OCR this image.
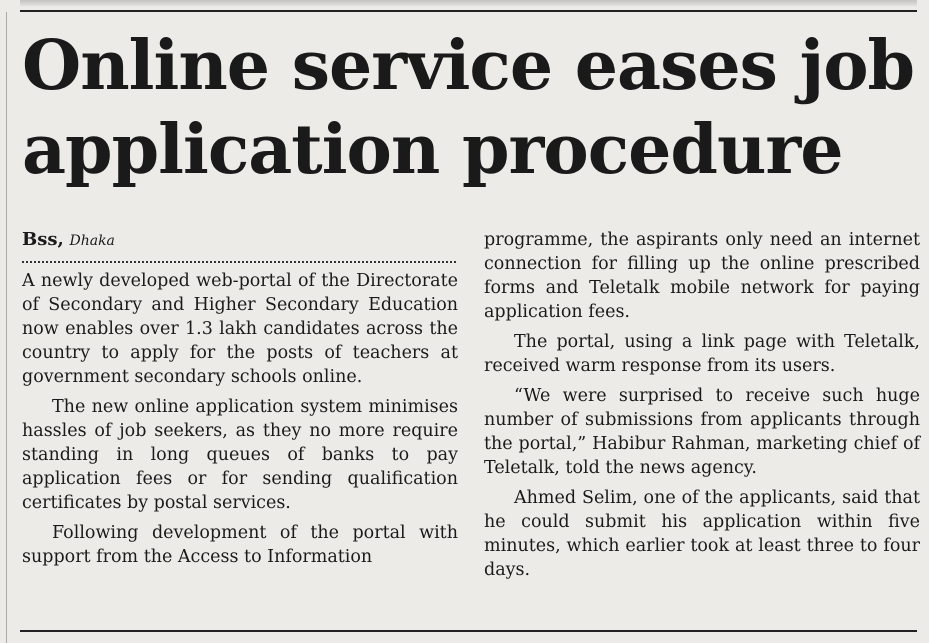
Online service eases job application procedure
Bss, Dhaka

A newly developed web-portal of the Directorate of Secondary and Higher Secondary Education now enables over 1.3 lakh candidates across the country to apply for the posts of teachers at government secondary schools online.

The new online application system minimises hassles of job seekers, as they no more require standing in long queues of banks to pay application fees or for sending qualification certificates by postal services.

Following development of the portal with support from the Access to Information

programme, the aspirants only need an internet connection for filling up the online prescribed forms and Teletalk mobile network for paying application fees.

The portal, using a link page with Teletalk, received warm response from its users.

“We were surprised to receive such huge number of submissions from applicants through the portal,” Habibur Rahman, marketing chief of Teletalk, told the news agency.

Ahmed Selim, one of the applicants, said that he could submit his application within five minutes, which earlier took at least three to four days.
